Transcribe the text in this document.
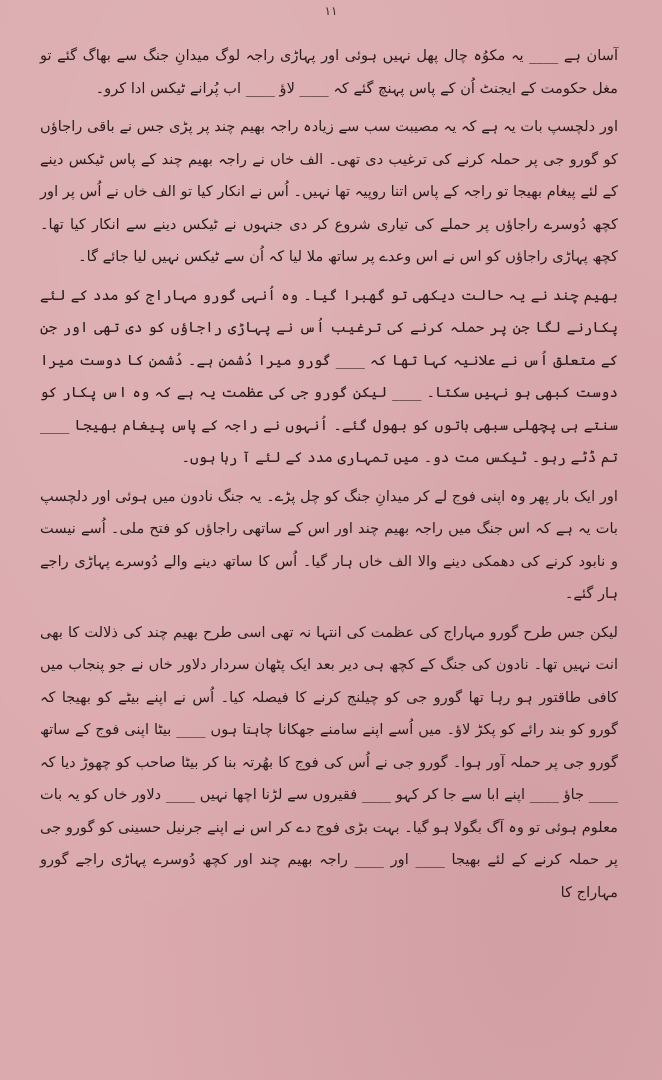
۱۱

آسان ہے ____ یہ مکوُہ چال پھل نہیں ہوئی اور پہاڑی راجہ لوگ میدانِ جنگ سے بھاگ گئے تو مغل حکومت کے ایجنٹ اُن کے پاس پہنچ گئے کہ ____ لاؤ ____ اب پُرانے ٹیکس ادا کرو۔

اور دلچسپ بات یہ ہے کہ یہ مصیبت سب سے زیادہ راجہ بھیم چند پر پڑی جس نے باقی راجاؤں کو گورو جی پر حملہ کرنے کی ترغیب دی تھی۔ الف خاں نے راجہ بھیم چند کے پاس ٹیکس دینے کے لئے پیغام بھیجا تو راجہ کے پاس اتنا روپیہ تھا نہیں۔ اُس نے انکار کیا تو الف خاں نے اُس پر اور کچھ دُوسرے راجاؤں پر حملے کی تیاری شروع کر دی جنہوں نے ٹیکس دینے سے انکار کیا تھا۔ کچھ پہاڑی راجاؤں کو اس نے اس وعدے پر ساتھ ملا لیا کہ اُن سے ٹیکس نہیں لیا جائے گا۔

بھیم چند نے یہ حالت دیکھی تو گھبرا گیا۔ وہ اُنہی گورو مہاراج کو مدد کے لئے پکارنے لگا جن پر حملہ کرنے کی ترغیب اُس نے پہاڑی راجاؤں کو دی تھی اور جن کے متعلق اُس نے علانیہ کہا تھا کہ ____ گورو میرا دُشمن ہے۔ دُشمن کا دوست میرا دوست کبھی ہو نہیں سکتا۔ ____ لیکن گورو جی کی عظمت یہ ہے کہ وہ اس پکار کو سنتے ہی پچھلی سبھی باتوں کو بھول گئے۔ اُنہوں نے راجہ کے پاس پیغام بھیجا ____ تم ڈٹے رہو۔ ٹیکس مت دو۔ میں تمہاری مدد کے لئے آ رہا ہوں۔

اور ایک بار پھر وہ اپنی فوج لے کر میدانِ جنگ کو چل پڑے۔ یہ جنگ نادون میں ہوئی اور دلچسپ بات یہ ہے کہ اس جنگ میں راجہ بھیم چند اور اس کے ساتھی راجاؤں کو فتح ملی۔ اُسے نیست و نابود کرنے کی دھمکی دینے والا الف خاں ہار گیا۔ اُس کا ساتھ دینے والے دُوسرے پہاڑی راجے ہار گئے۔

لیکن جس طرح گورو مہاراج کی عظمت کی انتہا نہ تھی اسی طرح بھیم چند کی ذلالت کا بھی انت نہیں تھا۔ نادون کی جنگ کے کچھ ہی دیر بعد ایک پٹھان سردار دلاور خاں نے جو پنجاب میں کافی طاقتور ہو رہا تھا گورو جی کو چیلنج کرنے کا فیصلہ کیا۔ اُس نے اپنے بیٹے کو بھیجا کہ گورو کو بند رائے کو پکڑ لاؤ۔ میں اُسے اپنے سامنے جھکانا چاہتا ہوں ____ بیٹا اپنی فوج کے ساتھ گورو جی پر حملہ آور ہوا۔ گورو جی نے اُس کی فوج کا بھُرتہ بنا کر بیٹا صاحب کو چھوڑ دیا کہ ____ جاؤ ____ اپنے ابا سے جا کر کہو ____ فقیروں سے لڑنا اچھا نہیں ____ دلاور خاں کو یہ بات معلوم ہوئی تو وہ آگ بگولا ہو گیا۔ بہت بڑی فوج دے کر اس نے اپنے جرنیل حسینی کو گورو جی پر حملہ کرنے کے لئے بھیجا ____ اور ____ راجہ بھیم چند اور کچھ دُوسرے پہاڑی راجے گورو مہاراج کا
